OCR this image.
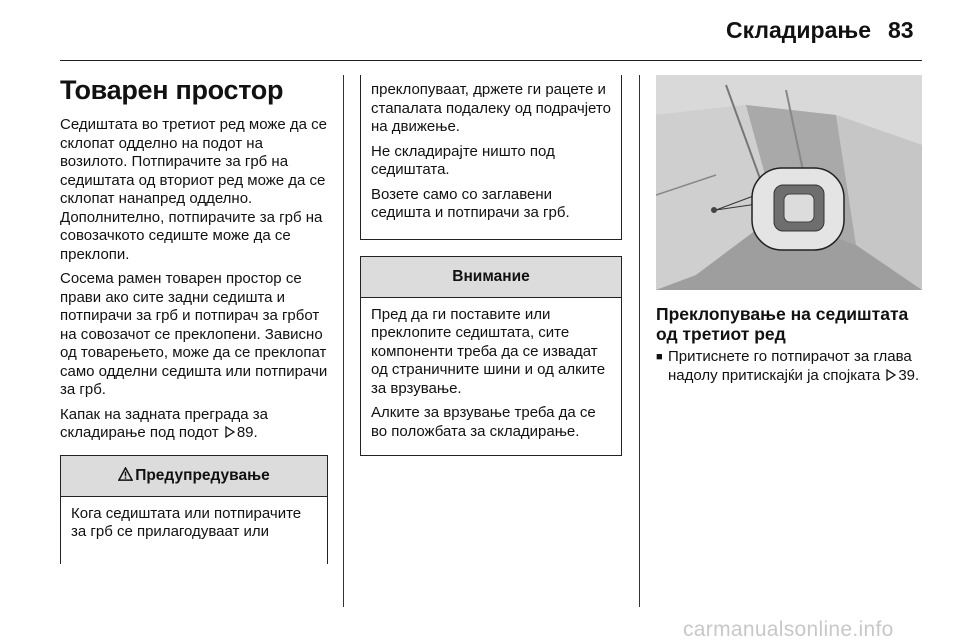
Складирање 83
Товарен простор

Седиштата во третиот ред може да се склопат одделно на подот на возилото. Потпирачите за грб на седиштата од вториот ред може да се склопат нанапред одделно. Дополнително, потпирачите за грб на совозачкото седиште може да се преклопи.

Сосема рамен товарен простор се прави ако сите задни седишта и потпирачи за грб и потпирач за грбот на совозачот се преклопени. Зависно од товарењето, може да се преклопат само одделни седишта или потпирачи за грб.

Капак на задната преграда за складирање под подот 89.

Предупредување

Кога седиштата или потпирачите за грб се прилагодуваат или

преклопуваат, држете ги рацете и стапалата подалеку од подрачјето на движење.

Не складирајте ништо под седиштата.

Возете само со заглавени седишта и потпирачи за грб.

Внимание

Пред да ги поставите или преклопите седиштата, сите компоненти треба да се извадат од страничните шини и од алките за врзување.

Алките за врзување треба да се во положбата за складирање.

Преклопување на седиштата од третиот ред
■ Притиснете го потпирачот за глава надолу притискајќи ја спојката 39.
carmanualsonline.info
